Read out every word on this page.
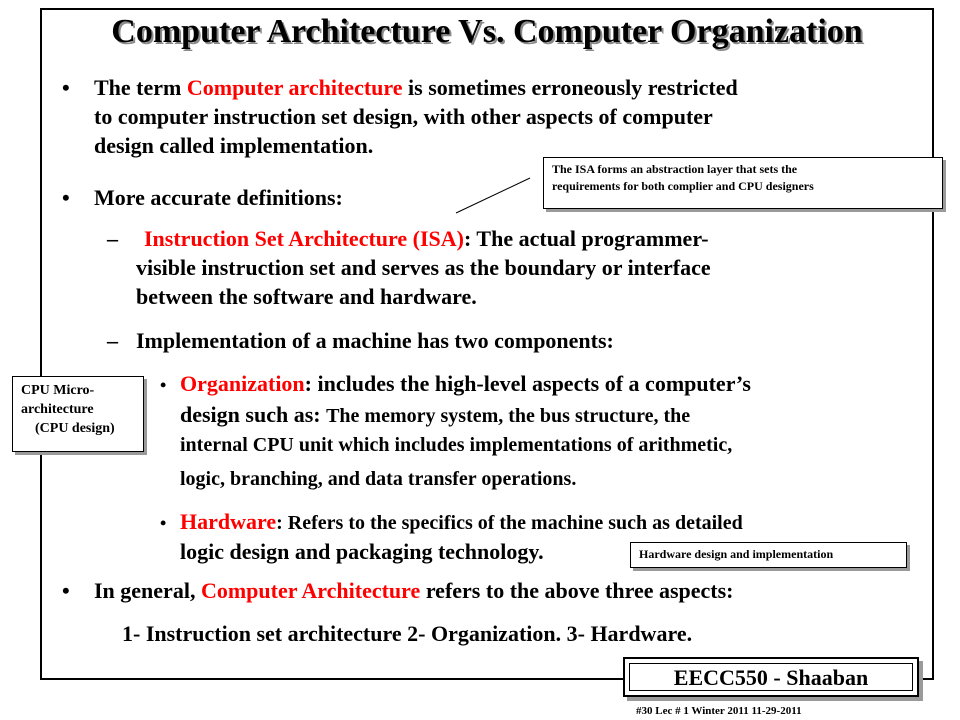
Computer Architecture Vs. Computer Organization
• The term Computer architecture is sometimes erroneously restricted
to computer instruction set design, with other aspects of computer
design called implementation.
• More accurate definitions:
– Instruction Set Architecture (ISA): The actual programmer-
visible instruction set and serves as the boundary or interface
between the software and hardware.
– Implementation of a machine has two components:
• Organization: includes the high-level aspects of a computer’s
design such as: The memory system, the bus structure, the
internal CPU unit which includes implementations of arithmetic,
logic, branching, and data transfer operations.
• Hardware: Refers to the specifics of the machine such as detailed
logic design and packaging technology.
• In general, Computer Architecture refers to the above three aspects:
1- Instruction set architecture 2- Organization. 3- Hardware.
The ISA forms an abstraction layer that sets the
requirements for both complier and CPU designers
CPU Micro-
architecture
(CPU design)
Hardware design and implementation
EECC550 - Shaaban
#30 Lec # 1 Winter 2011 11-29-2011
